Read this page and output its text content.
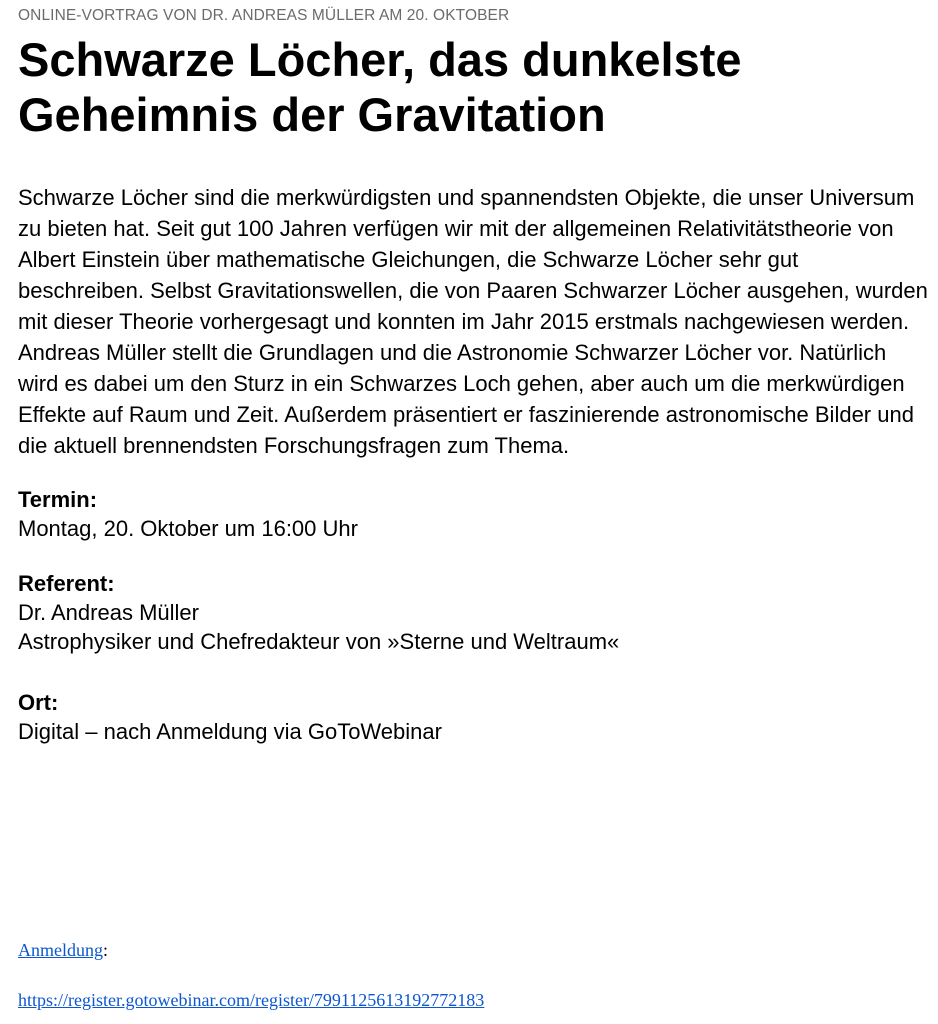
ONLINE-VORTRAG VON DR. ANDREAS MÜLLER AM 20. OKTOBER

Schwarze Löcher, das dunkelste
Geheimnis der Gravitation

Schwarze Löcher sind die merkwürdigsten und spannendsten Objekte, die unser Universum zu bieten hat. Seit gut 100 Jahren verfügen wir mit der allgemeinen Relativitätstheorie von Albert Einstein über mathematische Gleichungen, die Schwarze Löcher sehr gut beschreiben. Selbst Gravitationswellen, die von Paaren Schwarzer Löcher ausgehen, wurden mit dieser Theorie vorhergesagt und konnten im Jahr 2015 erstmals nachgewiesen werden.

Andreas Müller stellt die Grundlagen und die Astronomie Schwarzer Löcher vor. Natürlich wird es dabei um den Sturz in ein Schwarzes Loch gehen, aber auch um die merkwürdigen Effekte auf Raum und Zeit. Außerdem präsentiert er faszinierende astronomische Bilder und die aktuell brennendsten Forschungsfragen zum Thema.

Termin:

Montag, 20. Oktober um 16:00 Uhr

Referent:

Dr. Andreas Müller

Astrophysiker und Chefredakteur von »Sterne und Weltraum«

Ort:

Digital – nach Anmeldung via GoToWebinar

Anmeldung:
https://register.gotowebinar.com/register/7991125613192772183
